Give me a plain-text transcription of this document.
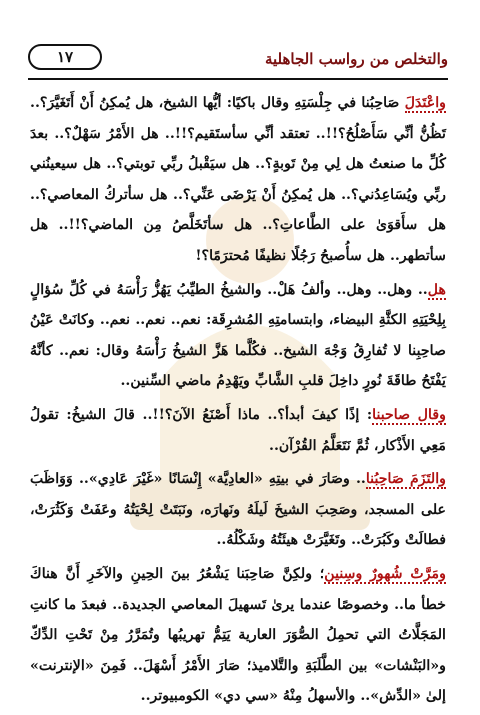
والتخلص من رواسب الجاهلية
١٧

واعْتَدَلَ صَاحِبُنا في جِلْسَتِهِ وقال باكيًا: أيُّها الشيخ، هل يُمكِنُ أَنْ أَتَغَيَّرَ؟.. تَظُنُّ أنِّي سَأَصْلُحُ؟!!.. تعتقد أنِّي سأستَقيم؟!!.. هل الأَمْرُ سَهْلٌ؟.. بعدَ كُلِّ ما صنعتُ هل لِي مِنْ تَوبةٍ؟.. هل سيَقْبلُ ربِّي توبتي؟.. هل سيعينُني ربِّي ويُسَاعِدُني؟.. هل يُمكِنُ أَنْ يَرْضَى عَنِّي؟.. هل سأتركُ المعاصي؟.. هل سأَقوَىٰ على الطَّاعاتِ؟.. هل سأتَخَلَّصُ مِن الماضي؟!!.. هل سأتطهر.. هل سأُصبحُ رَجُلًا نظيفًا مُحترَمًا؟!

هل.. وهل.. وهل.. وألفُ هَلْ.. والشيخُ الطيِّبُ يَهُزُّ رَأْسَهُ في كُلِّ سُؤالٍ بِلِحْيَتِهِ الكثَّةِ البيضاء، وابتسامتِهِ المُشرِقَة: نعم.. نعم.. نعم.. وكانَتْ عَيْنُ صاحِبِنا لا تُفارِقُ وَجْهَ الشيخ.. فكُلَّما هَزَّ الشيخُ رَأْسَهُ وقال: نعم.. كأنَّهُ يَفْتَحُ طاقَةَ نُورٍ داخِلَ قلبِ الشَّابِّ ويَهْدِمُ ماضي السِّنين..

وقال صاحبنا: إذًا كيفَ أبدأ؟.. ماذا أَصْنَعُ الآنَ؟!!.. قالَ الشيخُ: تقولُ مَعِي الأَذْكار، ثُمَّ نَتَعَلَّمُ القُرْآن..

والتَزَمَ صَاحِبُنا.. وصَارَ في بيتِهِ «العادِيَّة» إِنْسَانًا «غَيْرَ عَادِي».. وَوَاظَبَ على المسجد، وصَحِبَ الشيخَ لَيلَهُ ونَهارَه، ونَبَتَتْ لِحْيَتُهُ وعَفَتْ وَكَثُرَتْ، فطالَتْ وكَبُرَتْ.. وتَغَيَّرَتْ هيئَتُهُ وشَكْلُهُ..

ومَرَّتْ شُهورٌ وسِنين؛ ولكِنَّ صَاحِبَنا يَشْعُرُ بينَ الحِينِ والآخَرِ أَنَّ هناكَ خطأ ما.. وخصوصًا عندما يرىٰ تَسهيلَ المعاصي الجديدة.. فبعدَ ما كانتِ المَجَلَّاتُ التي تحمِلُ الصُّوَرَ العارية يَتِمُّ تهريبُها وتُمَرَّرُ مِنْ تَحْتِ الدِّكّ و«البَنْشات» بين الطَّلَبَةِ والتَّلاميذ؛ صَارَ الأَمْرُ أَسْهَلَ.. فَمِنَ «الإنترنت» إلىٰ «الدِّش».. والأسهلُ مِنْهُ «سي دي» الكومبيوتر..
